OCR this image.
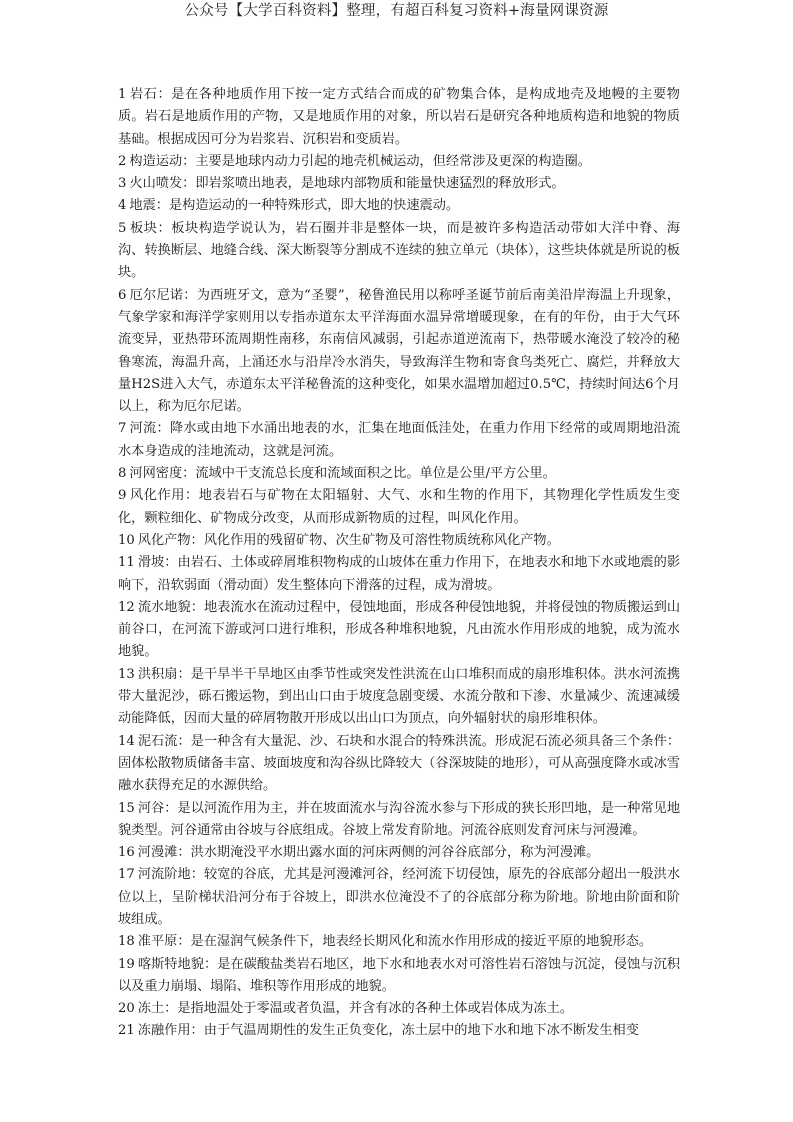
公众号【大学百科资料】整理，有超百科复习资料+海量网课资源

1 岩石：是在各种地质作用下按一定方式结合而成的矿物集合体，是构成地壳及地幔的主要物质。岩石是地质作用的产物，又是地质作用的对象，所以岩石是研究各种地质构造和地貌的物质基础。根据成因可分为岩浆岩、沉积岩和变质岩。

2 构造运动：主要是地球内动力引起的地壳机械运动，但经常涉及更深的构造圈。

3 火山喷发：即岩浆喷出地表，是地球内部物质和能量快速猛烈的释放形式。

4 地震：是构造运动的一种特殊形式，即大地的快速震动。

5 板块：板块构造学说认为，岩石圈并非是整体一块，而是被许多构造活动带如大洋中脊、海沟、转换断层、地缝合线、深大断裂等分割成不连续的独立单元（块体），这些块体就是所说的板块。

6 厄尔尼诺：为西班牙文，意为“圣婴”，秘鲁渔民用以称呼圣诞节前后南美沿岸海温上升现象，气象学家和海洋学家则用以专指赤道东太平洋海面水温异常增暖现象，在有的年份，由于大气环流变异，亚热带环流周期性南移，东南信风减弱，引起赤道逆流南下，热带暖水淹没了较冷的秘鲁寒流，海温升高，上涌还水与沿岸冷水消失，导致海洋生物和寄食鸟类死亡、腐烂，并释放大量H2S进入大气，赤道东太平洋秘鲁流的这种变化，如果水温增加超过0.5℃，持续时间达6个月以上，称为厄尔尼诺。

7 河流：降水或由地下水涌出地表的水，汇集在地面低洼处，在重力作用下经常的或周期地沿流水本身造成的洼地流动，这就是河流。

8 河网密度：流域中干支流总长度和流域面积之比。单位是公里/平方公里。

9 风化作用：地表岩石与矿物在太阳辐射、大气、水和生物的作用下，其物理化学性质发生变化，颗粒细化、矿物成分改变，从而形成新物质的过程，叫风化作用。

10 风化产物：风化作用的残留矿物、次生矿物及可溶性物质统称风化产物。

11 滑坡：由岩石、土体或碎屑堆积物构成的山坡体在重力作用下，在地表水和地下水或地震的影响下，沿软弱面（滑动面）发生整体向下滑落的过程，成为滑坡。

12 流水地貌：地表流水在流动过程中，侵蚀地面，形成各种侵蚀地貌，并将侵蚀的物质搬运到山前谷口，在河流下游或河口进行堆积，形成各种堆积地貌，凡由流水作用形成的地貌，成为流水地貌。

13 洪积扇：是干旱半干旱地区由季节性或突发性洪流在山口堆积而成的扇形堆积体。洪水河流携带大量泥沙，砾石搬运物，到出山口由于坡度急剧变缓、水流分散和下渗、水量减少、流速减缓动能降低，因而大量的碎屑物散开形成以出山口为顶点，向外辐射状的扇形堆积体。

14 泥石流：是一种含有大量泥、沙、石块和水混合的特殊洪流。形成泥石流必须具备三个条件：固体松散物质储备丰富、坡面坡度和沟谷纵比降较大（谷深坡陡的地形），可从高强度降水或冰雪融水获得充足的水源供给。

15 河谷：是以河流作用为主，并在坡面流水与沟谷流水参与下形成的狭长形凹地，是一种常见地貌类型。河谷通常由谷坡与谷底组成。谷坡上常发育阶地。河流谷底则发育河床与河漫滩。

16 河漫滩：洪水期淹没平水期出露水面的河床两侧的河谷谷底部分，称为河漫滩。

17 河流阶地：较宽的谷底，尤其是河漫滩河谷，经河流下切侵蚀，原先的谷底部分超出一般洪水位以上，呈阶梯状沿河分布于谷坡上，即洪水位淹没不了的谷底部分称为阶地。阶地由阶面和阶坡组成。

18 准平原：是在湿润气候条件下，地表经长期风化和流水作用形成的接近平原的地貌形态。

19 喀斯特地貌：是在碳酸盐类岩石地区，地下水和地表水对可溶性岩石溶蚀与沉淀，侵蚀与沉积以及重力崩塌、塌陷、堆积等作用形成的地貌。

20 冻土：是指地温处于零温或者负温，并含有冰的各种土体或岩体成为冻土。

21 冻融作用：由于气温周期性的发生正负变化，冻土层中的地下水和地下冰不断发生相变
